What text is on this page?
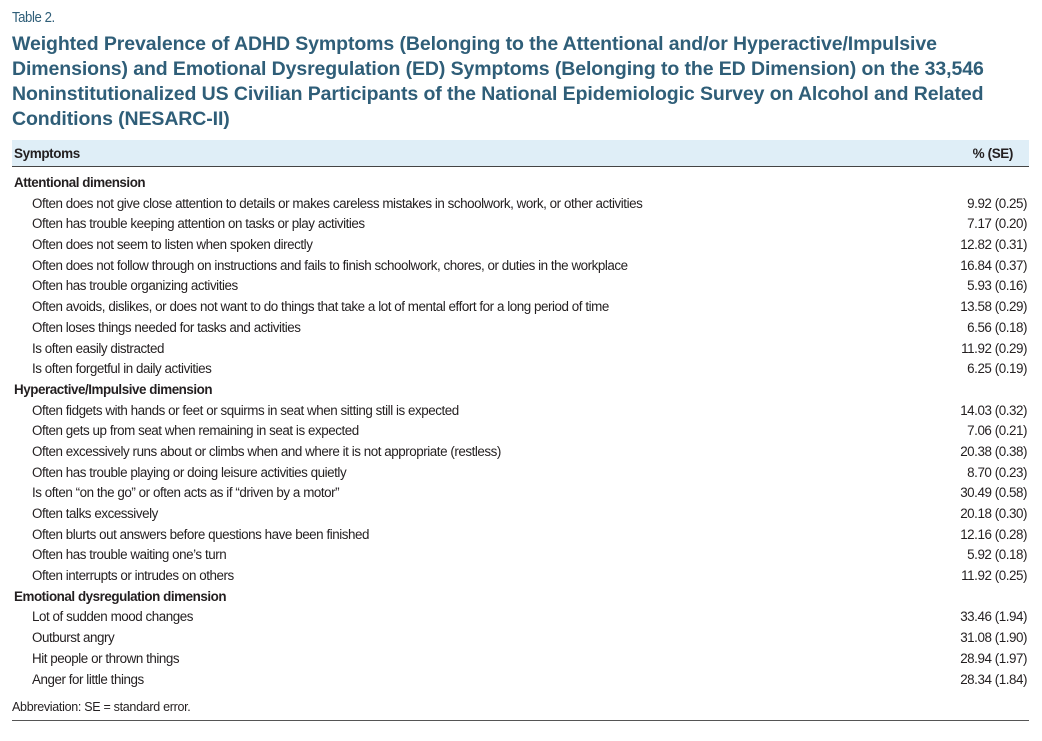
Table 2.
Weighted Prevalence of ADHD Symptoms (Belonging to the Attentional and/or Hyperactive/Impulsive Dimensions) and Emotional Dysregulation (ED) Symptoms (Belonging to the ED Dimension) on the 33,546 Noninstitutionalized US Civilian Participants of the National Epidemiologic Survey on Alcohol and Related Conditions (NESARC-II)
Symptoms	% (SE)
Attentional dimension
Often does not give close attention to details or makes careless mistakes in schoolwork, work, or other activities	9.92 (0.25)
Often has trouble keeping attention on tasks or play activities	7.17 (0.20)
Often does not seem to listen when spoken directly	12.82 (0.31)
Often does not follow through on instructions and fails to finish schoolwork, chores, or duties in the workplace	16.84 (0.37)
Often has trouble organizing activities	5.93 (0.16)
Often avoids, dislikes, or does not want to do things that take a lot of mental effort for a long period of time	13.58 (0.29)
Often loses things needed for tasks and activities	6.56 (0.18)
Is often easily distracted	11.92 (0.29)
Is often forgetful in daily activities	6.25 (0.19)
Hyperactive/Impulsive dimension
Often fidgets with hands or feet or squirms in seat when sitting still is expected	14.03 (0.32)
Often gets up from seat when remaining in seat is expected	7.06 (0.21)
Often excessively runs about or climbs when and where it is not appropriate (restless)	20.38 (0.38)
Often has trouble playing or doing leisure activities quietly	8.70 (0.23)
Is often “on the go” or often acts as if “driven by a motor”	30.49 (0.58)
Often talks excessively	20.18 (0.30)
Often blurts out answers before questions have been finished	12.16 (0.28)
Often has trouble waiting one’s turn	5.92 (0.18)
Often interrupts or intrudes on others	11.92 (0.25)
Emotional dysregulation dimension
Lot of sudden mood changes	33.46 (1.94)
Outburst angry	31.08 (1.90)
Hit people or thrown things	28.94 (1.97)
Anger for little things	28.34 (1.84)
Abbreviation: SE = standard error.
